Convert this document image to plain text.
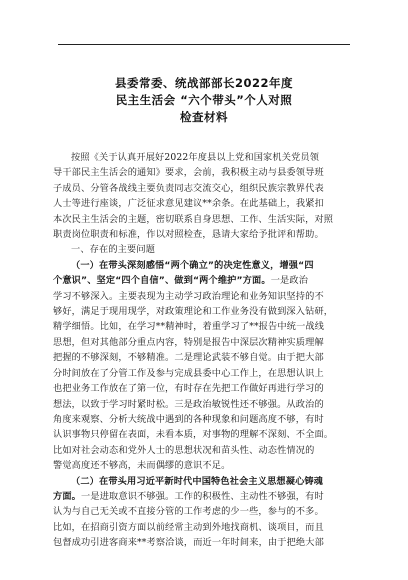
县委常委、统战部部长2022年度
民主生活会 “六个带头”个人对照
检查材料

按照《关于认真开展好2022年度县以上党和国家机关党员领

导干部民主生活会的通知》要求，会前，我积极主动与县委领导班

子成员、分管各战线主要负责同志交流交心，组织民族宗教界代表

人士等进行座谈，广泛征求意见建议**余条。在此基础上，我紧扣

本次民主生活会的主题，密切联系自身思想、工作、生活实际，对照

职责岗位职责和标准，作以对照检查，恳请大家给予批评和帮助。

一、存在的主要问题

（一）在带头深刻感悟“两个确立”的决定性意义，增强“四

个意识”、坚定“四个自信”、做到“两个维护”方面。一是政治

学习不够深入。主要表现为主动学习政治理论和业务知识坚持的不

够好，满足于现用现学，对政策理论和工作业务没有做到深入钻研，

精学细悟。比如，在学习**精神时，着重学习了**报告中统一战线

思想，但对其他部分重点内容，特别是报告中深层次精神实质理解

把握的不够深刻，不够精准。二是理论武装不够自觉。由于把大部

分时间放在了分管工作及参与完成县委中心工作上，在思想认识上

也把业务工作放在了第一位，有时存在先把工作做好再进行学习的

想法，以致于学习时紧时松。三是政治敏锐性还不够强。从政治的

角度来观察、分析大统战中遇到的各种现象和问题高度不够，有时

认识事物只停留在表面，未看本质，对事物的理解不深刻、不全面。

比如对社会动态和党外人士的思想状况和苗头性、动态性情况的

警觉高度还不够高，未而偶缪的意识不足。

（二）在带头用习近平新时代中国特色社会主义思想凝心铸魂

方面。一是进取意识不够强。工作的积极性、主动性不够强，有时

认为与自己无关或不直接分管的工作考虑的少一些，参与的不多。

比如，在招商引资方面以前经常主动到外地找商机、谈项目，而且

包督成功引进客商来**考察洽谈，而近一年时间来，由于把绝大部
